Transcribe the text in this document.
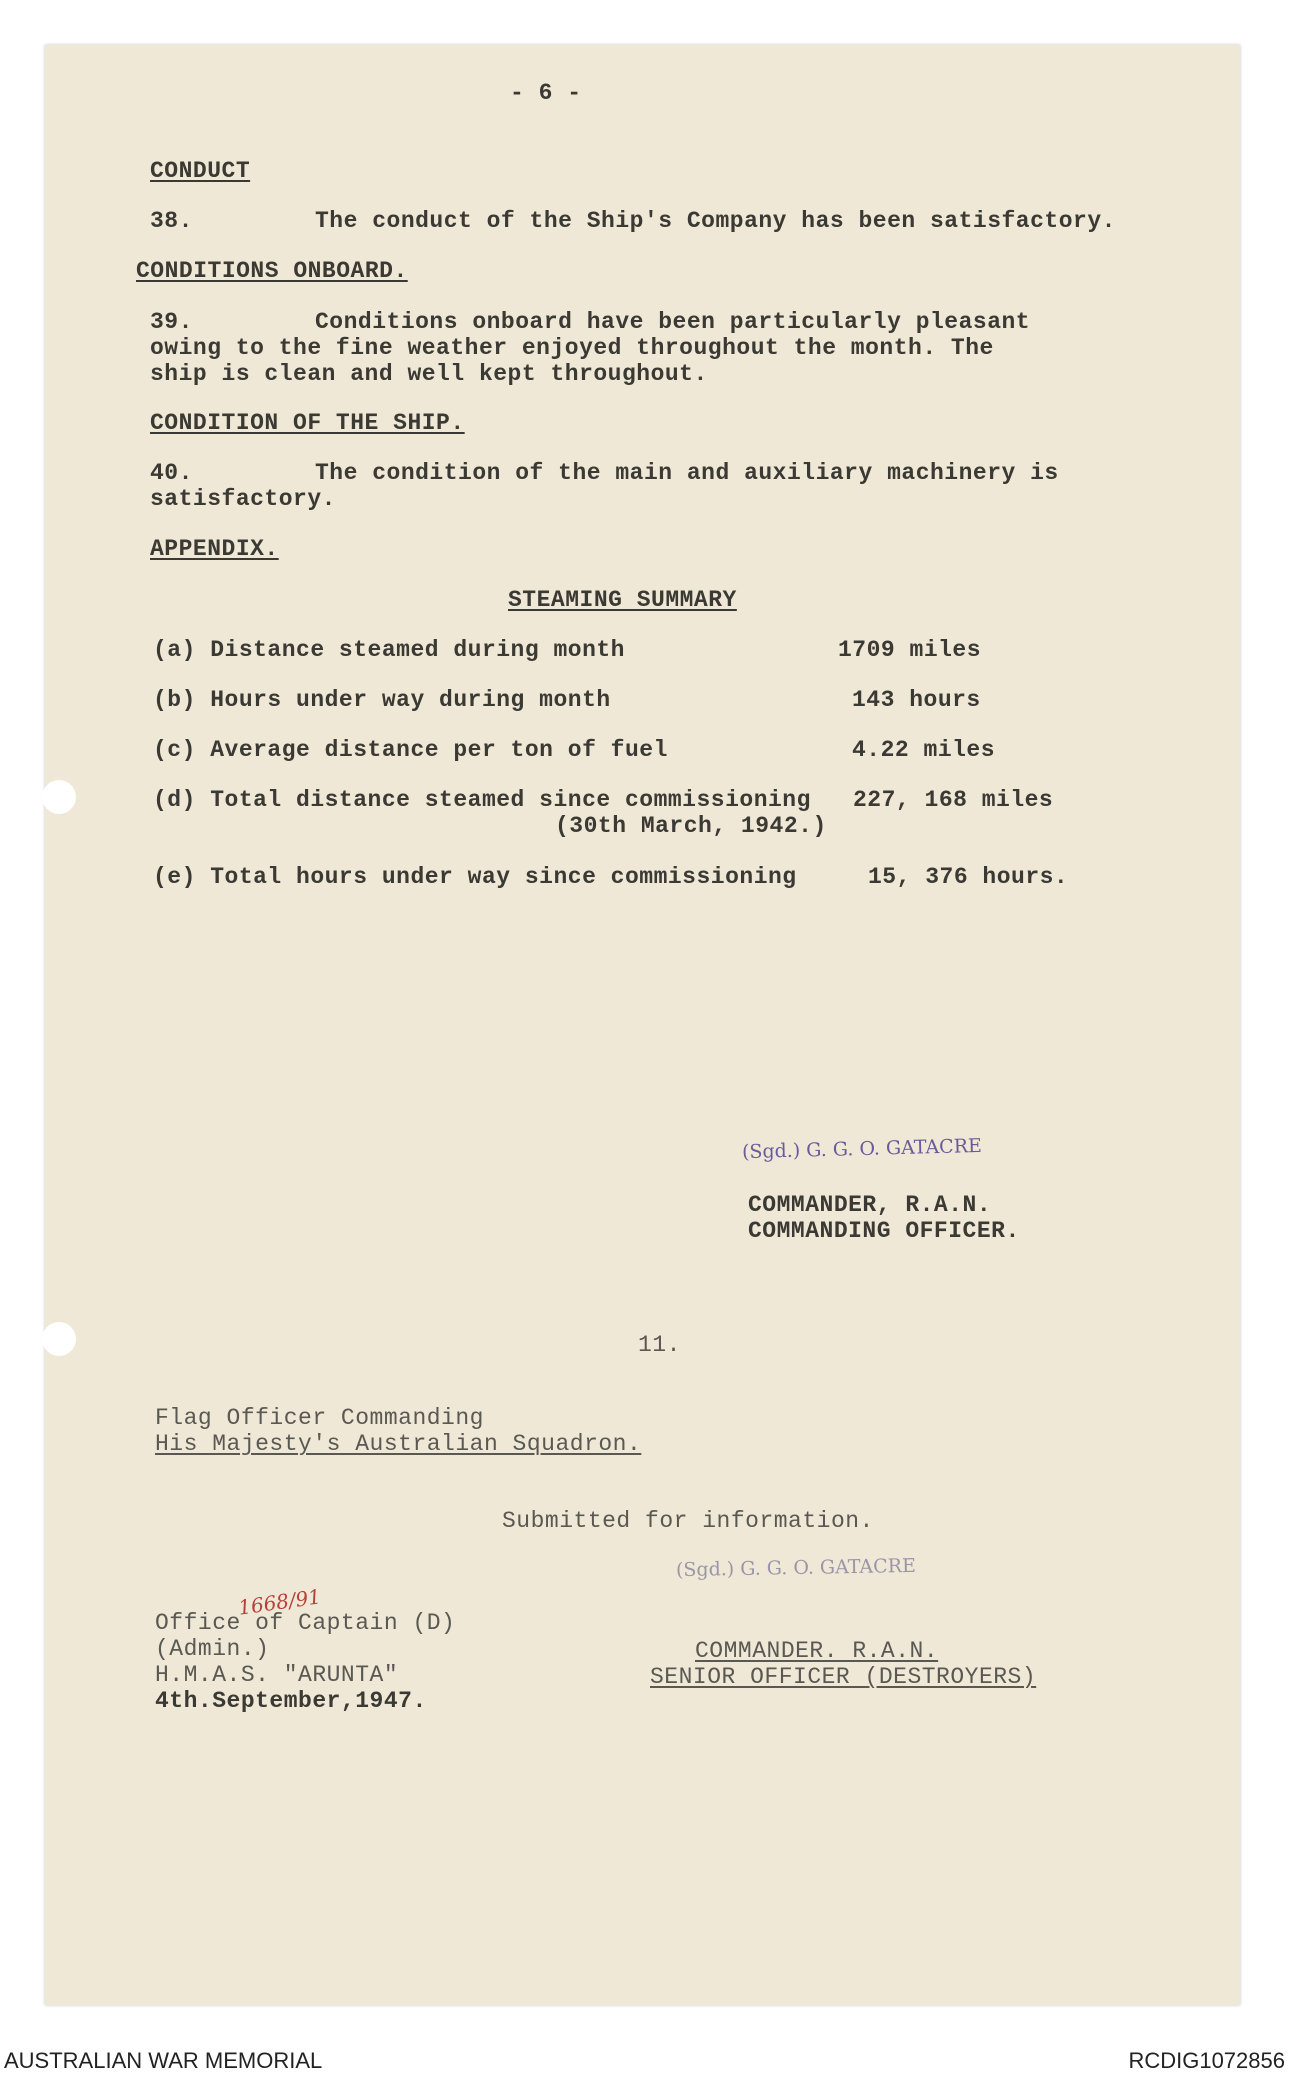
- 6 -
CONDUCT
38.	The conduct of the Ship's Company has been satisfactory.
CONDITIONS ONBOARD.
39.	Conditions onboard have been particularly pleasant
owing to the fine weather enjoyed throughout the month. The
ship is clean and well kept throughout.
CONDITION OF THE SHIP.
40.	The condition of the main and auxiliary machinery is
satisfactory.
APPENDIX.
STEAMING SUMMARY
(a) Distance steamed during month	1709 miles
(b) Hours under way during month	143 hours
(c) Average distance per ton of fuel	4.22 miles
(d) Total distance steamed since commissioning 227, 168 miles
(30th March, 1942.)
(e) Total hours under way since commissioning	15, 376 hours.
(Sgd.) G. G. O. GATACRE
COMMANDER, R.A.N.
COMMANDING OFFICER.
11.
Flag Officer Commanding
His Majesty's Australian Squadron.
Submitted for information.
1668/91
Office of Captain (D)
(Admin.)
H.M.A.S. "ARUNTA"
4th.September,1947.
(Sgd.) G. G. O. GATACRE
COMMANDER. R.A.N.
SENIOR OFFICER (DESTROYERS)
AUSTRALIAN WAR MEMORIAL	RCDIG1072856
